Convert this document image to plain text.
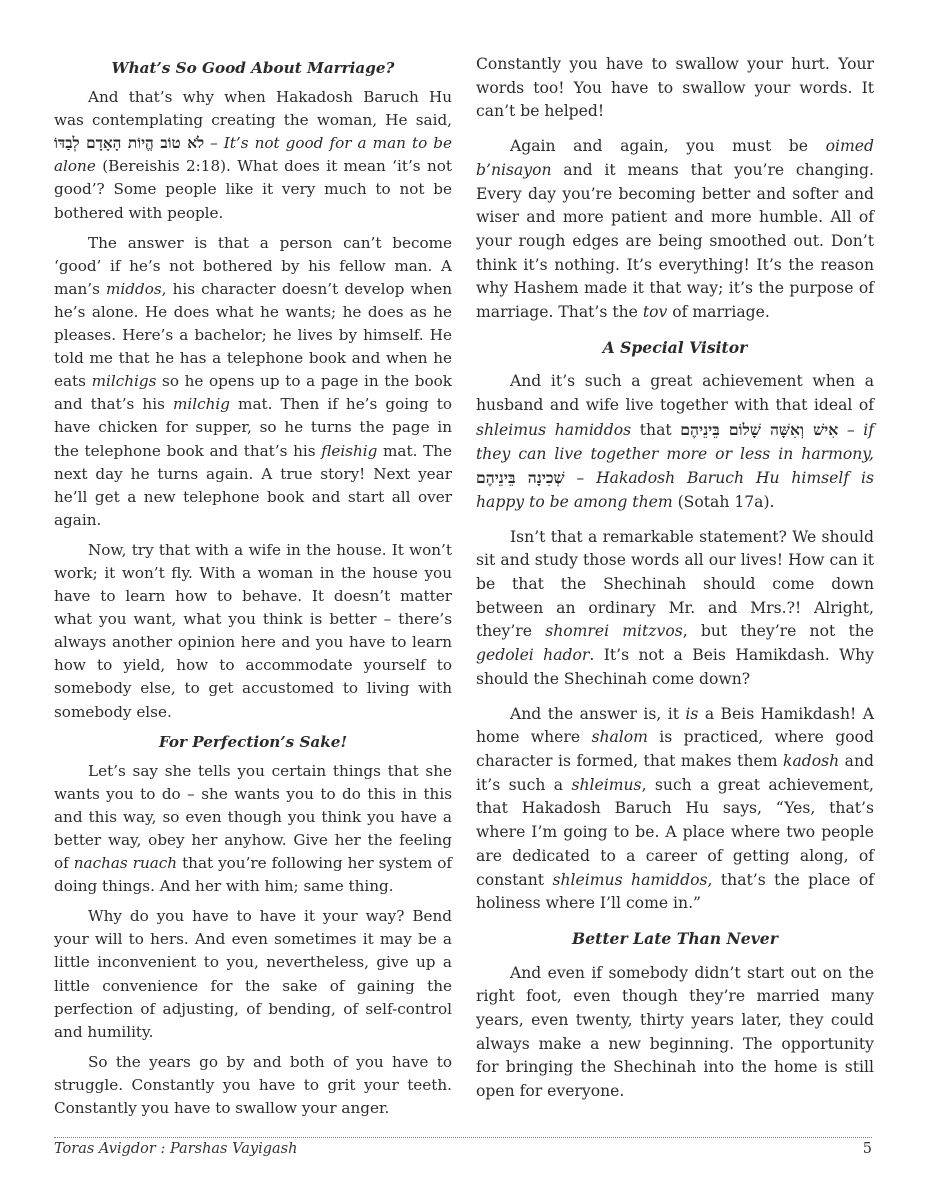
What’s So Good About Marriage?

And that’s why when Hakadosh Baruch Hu was contemplating creating the woman, He said, לֹא טוֹב הֱיוֹת הָאָדָם לְבַדּוֹ – It’s not good for a man to be alone (Bereishis 2:18). What does it mean ‘it’s not good’? Some people like it very much to not be bothered with people.

The answer is that a person can’t become ‘good’ if he’s not bothered by his fellow man. A man’s middos, his character doesn’t develop when he’s alone. He does what he wants; he does as he pleases. Here’s a bachelor; he lives by himself. He told me that he has a telephone book and when he eats milchigs so he opens up to a page in the book and that’s his milchig mat. Then if he’s going to have chicken for supper, so he turns the page in the telephone book and that’s his fleishig mat. The next day he turns again. A true story! Next year he’ll get a new telephone book and start all over again.

Now, try that with a wife in the house. It won’t work; it won’t fly. With a woman in the house you have to learn how to behave. It doesn’t matter what you want, what you think is better – there’s always another opinion here and you have to learn how to yield, how to accommodate yourself to somebody else, to get accustomed to living with somebody else.

For Perfection’s Sake!

Let’s say she tells you certain things that she wants you to do – she wants you to do this in this and this way, so even though you think you have a better way, obey her anyhow. Give her the feeling of nachas ruach that you’re following her system of doing things. And her with him; same thing.

Why do you have to have it your way? Bend your will to hers. And even sometimes it may be a little inconvenient to you, nevertheless, give up a little convenience for the sake of gaining the perfection of adjusting, of bending, of self-control and humility.

So the years go by and both of you have to struggle. Constantly you have to grit your teeth. Constantly you have to swallow your anger.

Constantly you have to swallow your hurt. Your words too! You have to swallow your words. It can’t be helped!

Again and again, you must be oimed b’nisayon and it means that you’re changing. Every day you’re becoming better and softer and wiser and more patient and more humble. All of your rough edges are being smoothed out. Don’t think it’s nothing. It’s everything! It’s the reason why Hashem made it that way; it’s the purpose of marriage. That’s the tov of marriage.

A Special Visitor

And it’s such a great achievement when a husband and wife live together with that ideal of shleimus hamiddos that אִישׁ וְאִשָּׁה שָׁלוֹם בֵּינֵיהֶם – if they can live together more or less in harmony, שְׁכִינָה בֵּינֵיהֶם – Hakadosh Baruch Hu himself is happy to be among them (Sotah 17a).

Isn’t that a remarkable statement? We should sit and study those words all our lives! How can it be that the Shechinah should come down between an ordinary Mr. and Mrs.?! Alright, they’re shomrei mitzvos, but they’re not the gedolei hador. It’s not a Beis Hamikdash. Why should the Shechinah come down?

And the answer is, it is a Beis Hamikdash! A home where shalom is practiced, where good character is formed, that makes them kadosh and it’s such a shleimus, such a great achievement, that Hakadosh Baruch Hu says, “Yes, that’s where I’m going to be. A place where two people are dedicated to a career of getting along, of constant shleimus hamiddos, that’s the place of holiness where I’ll come in.”

Better Late Than Never

And even if somebody didn’t start out on the right foot, even though they’re married many years, even twenty, thirty years later, they could always make a new beginning. The opportunity for bringing the Shechinah into the home is still open for everyone.

Toras Avigdor : Parshas Vayigash	5
